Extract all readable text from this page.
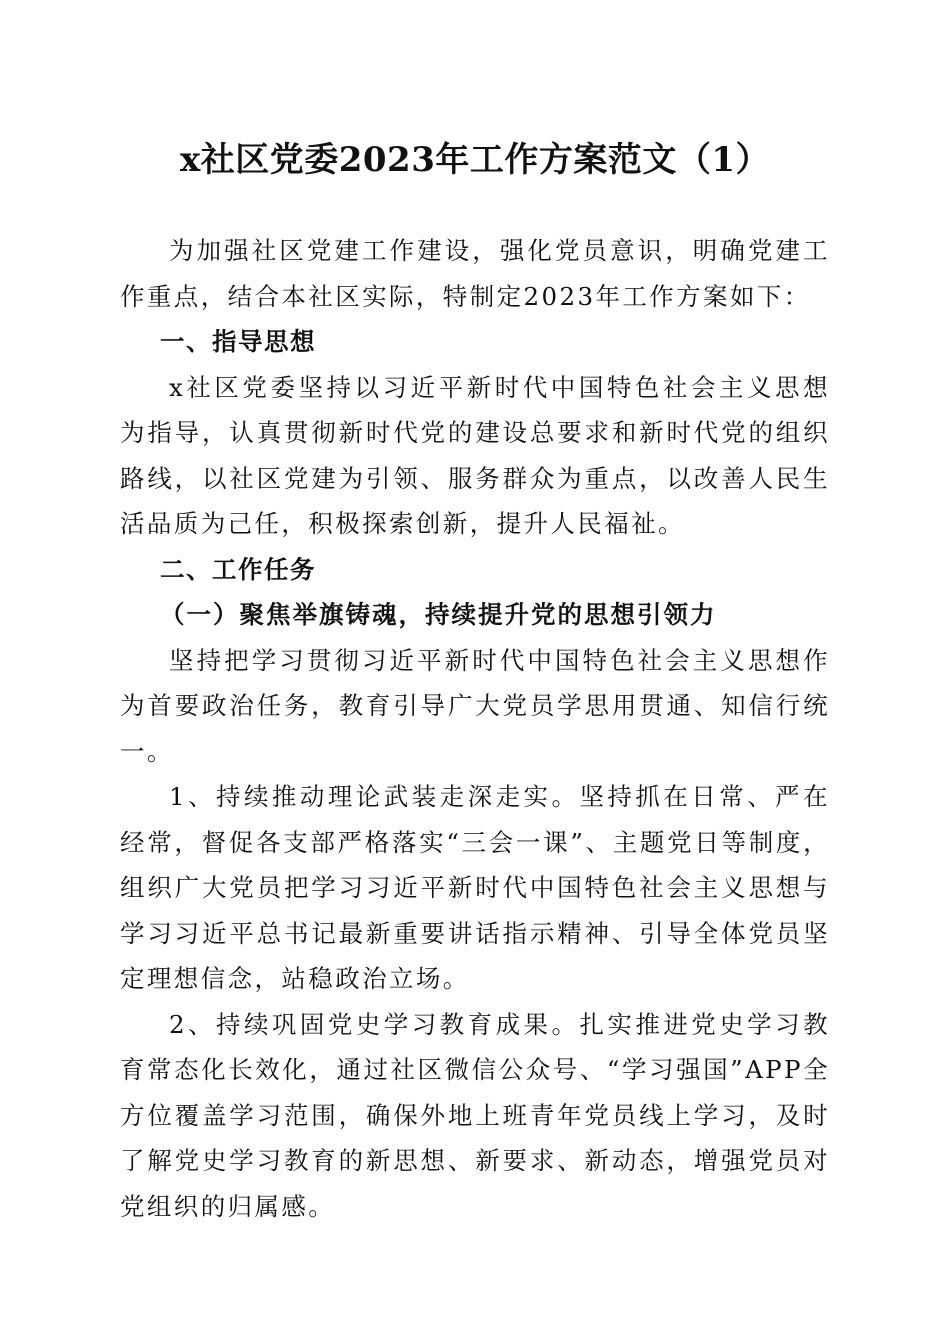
x社区党委2023年工作方案范文（1）

为加强社区党建工作建设，强化党员意识，明确党建工作重点，结合本社区实际，特制定2023年工作方案如下：

一、指导思想

x社区党委坚持以习近平新时代中国特色社会主义思想为指导，认真贯彻新时代党的建设总要求和新时代党的组织路线，以社区党建为引领、服务群众为重点，以改善人民生活品质为己任，积极探索创新，提升人民福祉。

二、工作任务

（一）聚焦举旗铸魂，持续提升党的思想引领力

坚持把学习贯彻习近平新时代中国特色社会主义思想作为首要政治任务，教育引导广大党员学思用贯通、知信行统一。

1、持续推动理论武装走深走实。坚持抓在日常、严在经常，督促各支部严格落实“三会一课”、主题党日等制度，组织广大党员把学习习近平新时代中国特色社会主义思想与学习习近平总书记最新重要讲话指示精神、引导全体党员坚定理想信念，站稳政治立场。

2、持续巩固党史学习教育成果。扎实推进党史学习教育常态化长效化，通过社区微信公众号、“学习强国”APP全方位覆盖学习范围，确保外地上班青年党员线上学习，及时了解党史学习教育的新思想、新要求、新动态，增强党员对党组织的归属感。
